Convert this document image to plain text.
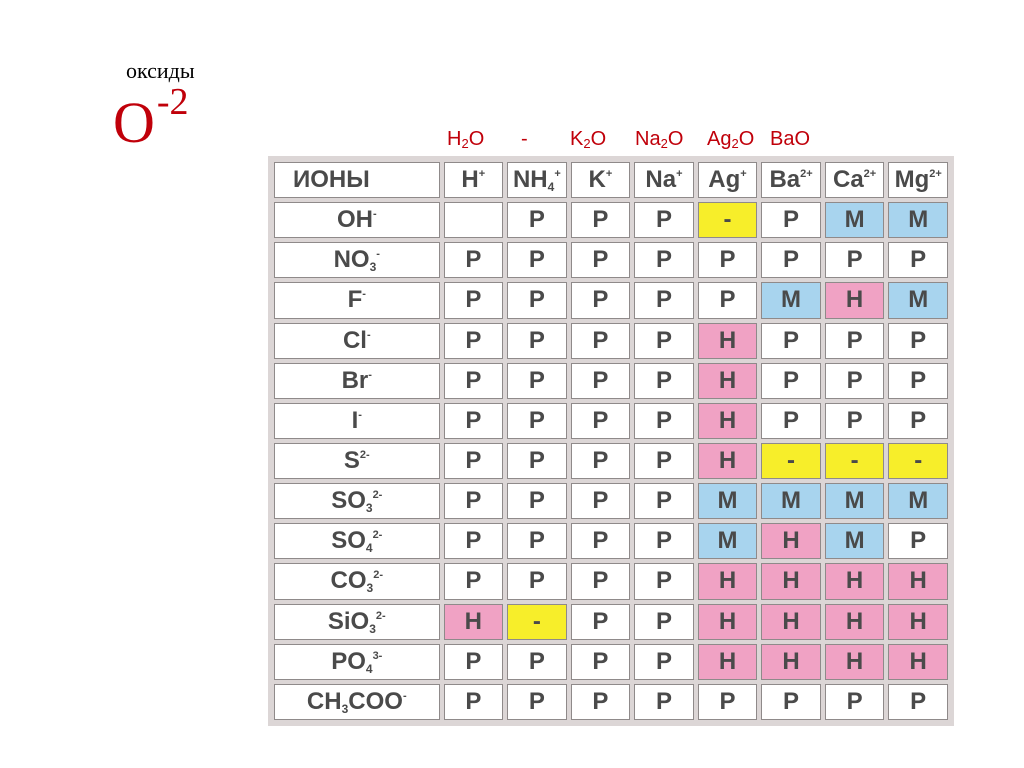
оксиды
$O^{-2}$
$H_2O - K_2O$ $Na_2O$ $Ag_2O$ BaO
ИОНЫ	H+	$NH_4^+$	K+	Na+	Ag+	$Ba^{2+}$	$Ca^{2+}$	$Mg^{2+}$
OH-		Р	Р	Р	-	Р	М	М
$NO_3^-$	Р	Р	Р	Р	Р	Р	Р	Р
F-	Р	Р	Р	Р	Р	М	Н	М
Cl-	Р	Р	Р	Р	Н	Р	Р	Р
Br-	Р	Р	Р	Р	Н	Р	Р	Р
I-	Р	Р	Р	Р	Н	Р	Р	Р
$S^{2-}$	Р	Р	Р	Р	Н	-	-	-
$SO_3^{2-}$	Р	Р	Р	Р	М	М	М	М
$SO_4^{2-}$	Р	Р	Р	Р	М	Н	М	Р
$CO_3^{2-}$	Р	Р	Р	Р	Н	Н	Н	Н
SiO$_3^{2-}$	Н	-	Р	Р	Н	Н	Н	Н
$PO_4^{3-}$	Р	Р	Р	Р	Н	Н	Н	Н
$CH_3COO^-$	Р	Р	Р	Р	Р	Р	Р	Р
